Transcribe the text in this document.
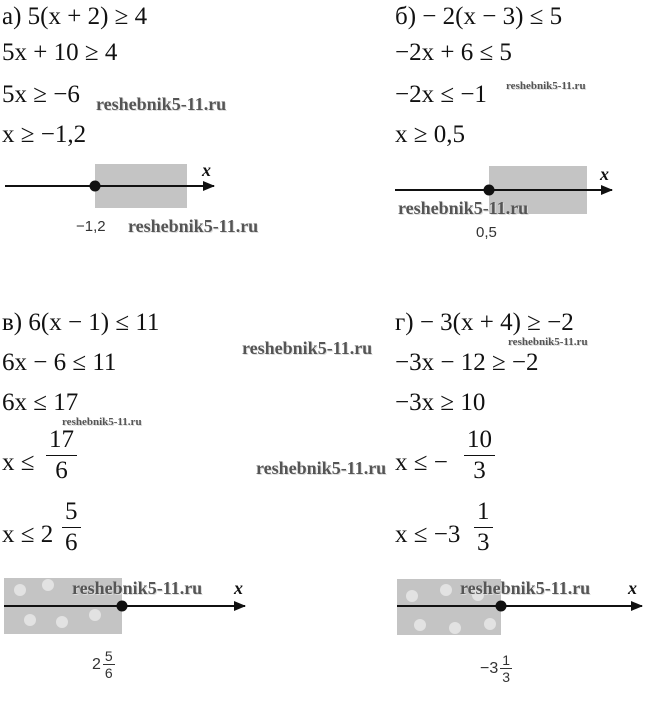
а) 5(x + 2) ≥ 4
5x + 10 ≥ 4
5x ≥ −6
x ≥ −1,2
б) − 2(x − 3) ≤ 5
−2x + 6 ≤ 5
−2x ≤ −1
x ≥ 0,5
в) 6(x − 1) ≤ 11
6x − 6 ≤ 11
6x ≤ 17
$x \le \frac{17}{6}$
$x \le 2 \frac{5}{6}$
г) − 3(x + 4) ≥ −2
−3x − 12 ≥ −2
−3x ≥ 10
x ≤ − $\frac{10}{3}$
$x \le -3 \frac{1}{3}$
x	x
x	x
−1,2	0,5
$2 \frac{5}{6}$	$-3 \frac{1}{3}$
reshebnik5-11.ru
reshebnik5-11.ru
reshebnik5-11.ru
reshebnik5-11.ru
reshebnik5-11.ru	reshebnik5-11.ru
reshebnik5-11.ru
reshebnik5-11.ru
reshebnik5-11.ru	reshebnik5-11.ru
